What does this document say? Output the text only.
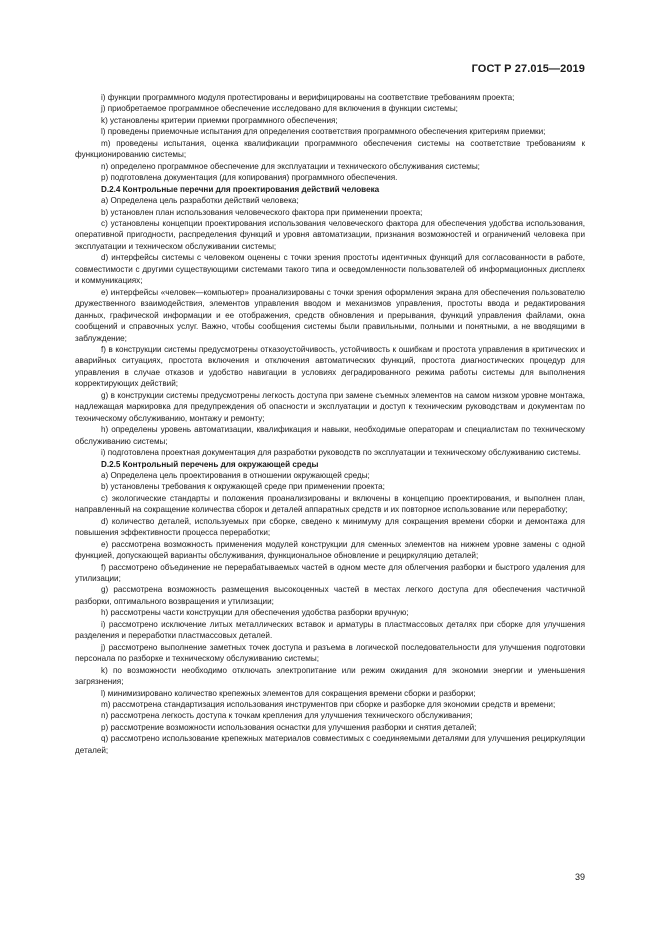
ГОСТ Р 27.015—2019

i) функции программного модуля протестированы и верифицированы на соответствие требованиям проекта;

j) приобретаемое программное обеспечение исследовано для включения в функции системы;

k) установлены критерии приемки программного обеспечения;

l) проведены приемочные испытания для определения соответствия программного обеспечения критериям приемки;

m) проведены испытания, оценка квалификации программного обеспечения системы на соответствие требованиям к функционированию системы;

n) определено программное обеспечение для эксплуатации и технического обслуживания системы;

p) подготовлена документация (для копирования) программного обеспечения.

D.2.4 Контрольные перечни для проектирования действий человека

a) Определена цель разработки действий человека;

b) установлен план использования человеческого фактора при применении проекта;

c) установлены концепции проектирования использования человеческого фактора для обеспечения удобства использования, оперативной пригодности, распределения функций и уровня автоматизации, признания возможностей и ограничений человека при эксплуатации и техническом обслуживании системы;

d) интерфейсы системы с человеком оценены с точки зрения простоты идентичных функций для согласованности в работе, совместимости с другими существующими системами такого типа и осведомленности пользователей об информационных дисплеях и коммуникациях;

e) интерфейсы «человек—компьютер» проанализированы с точки зрения оформления экрана для обеспечения пользователю дружественного взаимодействия, элементов управления вводом и механизмов управления, простоты ввода и редактирования данных, графической информации и ее отображения, средств обновления и прерывания, функций управления файлами, окна сообщений и справочных услуг. Важно, чтобы сообщения системы были правильными, полными и понятными, а не вводящими в заблуждение;

f) в конструкции системы предусмотрены отказоустойчивость, устойчивость к ошибкам и простота управления в критических и аварийных ситуациях, простота включения и отключения автоматических функций, простота диагностических процедур для управления в случае отказов и удобство навигации в условиях деградированного режима работы системы для выполнения корректирующих действий;

g) в конструкции системы предусмотрены легкость доступа при замене съемных элементов на самом низком уровне монтажа, надлежащая маркировка для предупреждения об опасности и эксплуатации и доступ к техническим руководствам и документам по техническому обслуживанию, монтажу и ремонту;

h) определены уровень автоматизации, квалификация и навыки, необходимые операторам и специалистам по техническому обслуживанию системы;

i) подготовлена проектная документация для разработки руководств по эксплуатации и техническому обслуживанию системы.

D.2.5 Контрольный перечень для окружающей среды

a) Определена цель проектирования в отношении окружающей среды;

b) установлены требования к окружающей среде при применении проекта;

c) экологические стандарты и положения проанализированы и включены в концепцию проектирования, и выполнен план, направленный на сокращение количества сборок и деталей аппаратных средств и их повторное использование или переработку;

d) количество деталей, используемых при сборке, сведено к минимуму для сокращения времени сборки и демонтажа для повышения эффективности процесса переработки;

e) рассмотрена возможность применения модулей конструкции для сменных элементов на нижнем уровне замены с одной функцией, допускающей варианты обслуживания, функциональное обновление и рециркуляцию деталей;

f) рассмотрено объединение не перерабатываемых частей в одном месте для облегчения разборки и быстрого удаления для утилизации;

g) рассмотрена возможность размещения высокоценных частей в местах легкого доступа для обеспечения частичной разборки, оптимального возвращения и утилизации;

h) рассмотрены части конструкции для обеспечения удобства разборки вручную;

i) рассмотрено исключение литых металлических вставок и арматуры в пластмассовых деталях при сборке для улучшения разделения и переработки пластмассовых деталей.

j) рассмотрено выполнение заметных точек доступа и разъема в логической последовательности для улучшения подготовки персонала по разборке и техническому обслуживанию системы;

k) по возможности необходимо отключать электропитание или режим ожидания для экономии энергии и уменьшения загрязнения;

l) минимизировано количество крепежных элементов для сокращения времени сборки и разборки;

m) рассмотрена стандартизация использования инструментов при сборке и разборке для экономии средств и времени;

n) рассмотрена легкость доступа к точкам крепления для улучшения технического обслуживания;

p) рассмотрение возможности использования оснастки для улучшения разборки и снятия деталей;

q) рассмотрено использование крепежных материалов совместимых с соединяемыми деталями для улучшения рециркуляции деталей;

39
